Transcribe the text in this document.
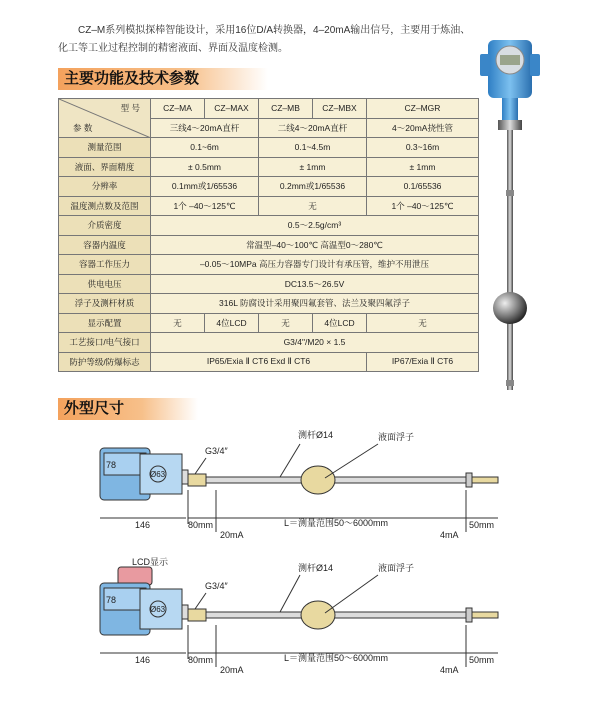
CZ–M系列模拟探棒智能设计，采用16位D/A转换器，4–20mA输出信号，主要用于炼油、化工等工业过程控制的精密液面、界面及温度检测。

主要功能及技术参数
型 号
参 数	CZ–MA	CZ–MAX	CZ–MB	CZ–MBX	CZ–MGR
	三线4～20mA直杆		二线4～20mA直杆		4～20mA挠性管
测量范围	0.1~6m		0.1~4.5m		0.3~16m
液面、界面精度	± 0.5mm		± 1mm		± 1mm
分辨率	0.1mm或1/65536		0.2mm或1/65536		0.1/65536
温度测点数及范围	1个 –40～125℃		无		1个 –40～125℃
介质密度	0.5～2.5g/cm³				
容器内温度	常温型–40～100℃ 高温型0～280℃				
容器工作压力	–0.05～10MPa 高压力容器专门设计有承压管，维护不用泄压				
供电电压	DC13.5～26.5V				
浮子及测杆材质	316L 防腐设计采用聚四氟套管、法兰及聚四氟浮子				
显示配置	无	4位LCD	无	4位LCD	无
工艺接口/电气接口	G3/4"/M20 × 1.5				
防护等级/防爆标志	IP65/Exia Ⅱ CT6 Exd Ⅱ CT6				IP67/Exia Ⅱ CT6
外型尺寸
78
Ø63
G3/4″
测杆Ø14	液面浮子
146	80mm	L＝测量范围50～6000mm	50mm
20mA	4mA
LCD显示
78
Ø63
G3/4″
测杆Ø14	液面浮子
146	80mm	L＝测量范围50～6000mm	50mm
20mA	4mA
